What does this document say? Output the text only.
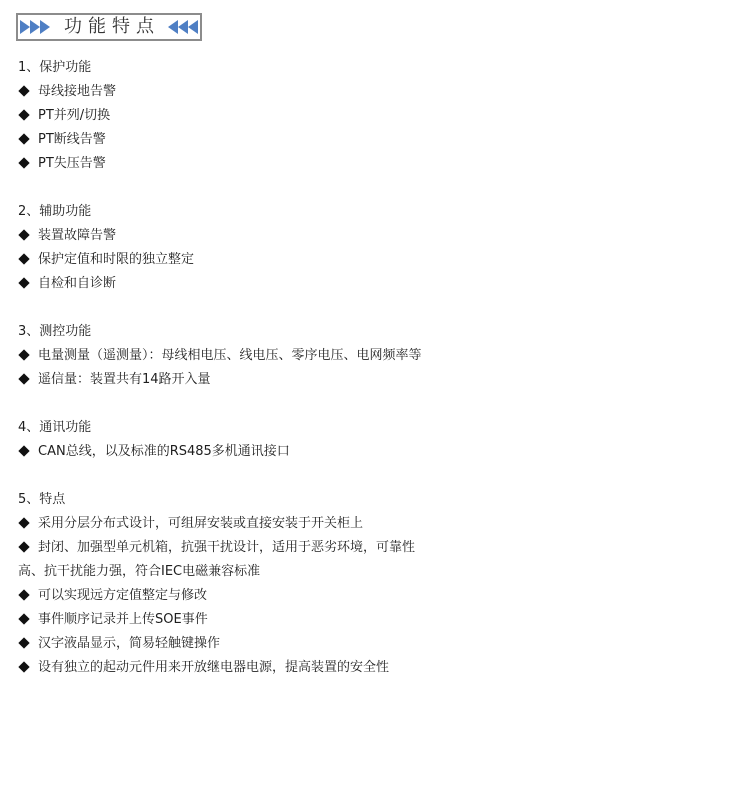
功能特点
1、保护功能
母线接地告警
PT并列/切换
PT断线告警
PT失压告警
2、辅助功能
装置故障告警
保护定值和时限的独立整定
自检和自诊断
3、测控功能
电量测量（遥测量）：母线相电压、线电压、零序电压、电网频率等
遥信量：装置共有14路开入量
4、通讯功能
CAN总线，以及标准的RS485多机通讯接口
5、特点
采用分层分布式设计，可组屏安装或直接安装于开关柜上
封闭、加强型单元机箱，抗强干扰设计，适用于恶劣环境，可靠性高、抗干扰能力强，符合IEC电磁兼容标准
可以实现远方定值整定与修改
事件顺序记录并上传SOE事件
汉字液晶显示，简易轻触键操作
设有独立的起动元件用来开放继电器电源，提高装置的安全性
